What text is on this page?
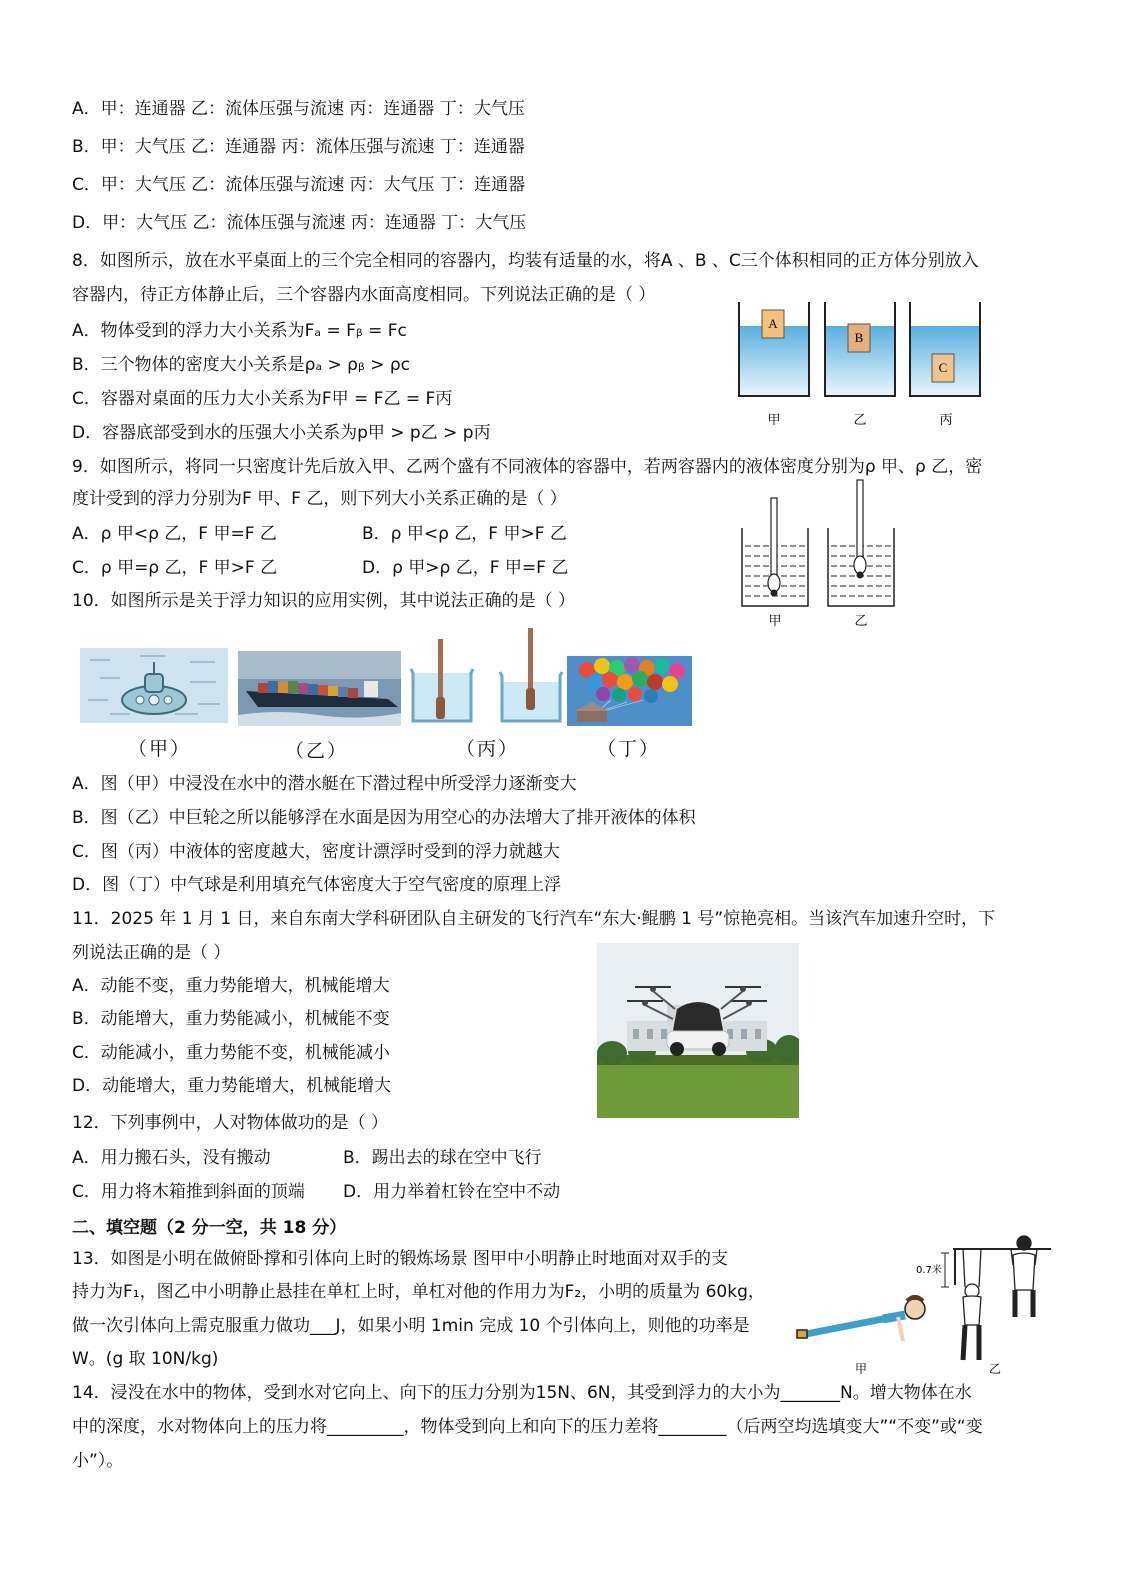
A．甲：连通器 乙：流体压强与流速 丙：连通器 丁：大气压
B．甲：大气压 乙：连通器 丙：流体压强与流速 丁：连通器
C．甲：大气压 乙：流体压强与流速 丙：大气压 丁：连通器
D．甲：大气压 乙：流体压强与流速 丙：连通器 丁：大气压
8．如图所示，放在水平桌面上的三个完全相同的容器内，均装有适量的水，将A 、B 、C三个体积相同的正方体分别放入
容器内，待正方体静止后，三个容器内水面高度相同。下列说法正确的是（ ）
A．物体受到的浮力大小关系为Fₐ = Fᵦ = Fc
B．三个物体的密度大小关系是ρₐ > ρᵦ > ρc
C．容器对桌面的压力大小关系为F甲 = F乙 = F丙
D．容器底部受到水的压强大小关系为p甲 > p乙 > p丙
A
B
C
甲	乙	丙
9．如图所示，将同一只密度计先后放入甲、乙两个盛有不同液体的容器中，若两容器内的液体密度分别为ρ 甲、ρ 乙，密
度计受到的浮力分别为F 甲、F 乙，则下列大小关系正确的是（ ）
A．ρ 甲<ρ 乙，F 甲=F 乙	B．ρ 甲<ρ 乙，F 甲>F 乙
C．ρ 甲=ρ 乙，F 甲>F 乙	D．ρ 甲>ρ 乙，F 甲=F 乙
甲	乙
10．如图所示是关于浮力知识的应用实例，其中说法正确的是（ ）
（甲）	（乙）	（丙）	（丁）
A．图（甲）中浸没在水中的潜水艇在下潜过程中所受浮力逐渐变大
B．图（乙）中巨轮之所以能够浮在水面是因为用空心的办法增大了排开液体的体积
C．图（丙）中液体的密度越大，密度计漂浮时受到的浮力就越大
D．图（丁）中气球是利用填充气体密度大于空气密度的原理上浮
11．2025 年 1 月 1 日，来自东南大学科研团队自主研发的飞行汽车“东大·鲲鹏 1 号”惊艳亮相。当该汽车加速升空时，下
列说法正确的是（ ）
A．动能不变，重力势能增大，机械能增大
B．动能增大，重力势能减小，机械能不变
C．动能减小，重力势能不变，机械能减小
D．动能增大，重力势能增大，机械能增大
12．下列事例中，人对物体做功的是（ ）
A．用力搬石头，没有搬动	B．踢出去的球在空中飞行
C．用力将木箱推到斜面的顶端 D．用力举着杠铃在空中不动
二、填空题（2 分一空，共 18 分）
13．如图是小明在做俯卧撑和引体向上时的锻炼场景 图甲中小明静止时地面对双手的支
持力为F₁，图乙中小明静止悬挂在单杠上时，单杠对他的作用力为F₂，小明的质量为 60kg，
做一次引体向上需克服重力做功___J，如果小明 1min 完成 10 个引体向上，则他的功率是
W。(g 取 10N/kg)
0.7米
甲	乙
14．浸没在水中的物体，受到水对它向上、向下的压力分别为15N、6N，其受到浮力的大小为_______N。增大物体在水
中的深度，水对物体向上的压力将_________，物体受到向上和向下的压力差将________（后两空均选填变大”“不变”或“变
小”）。
